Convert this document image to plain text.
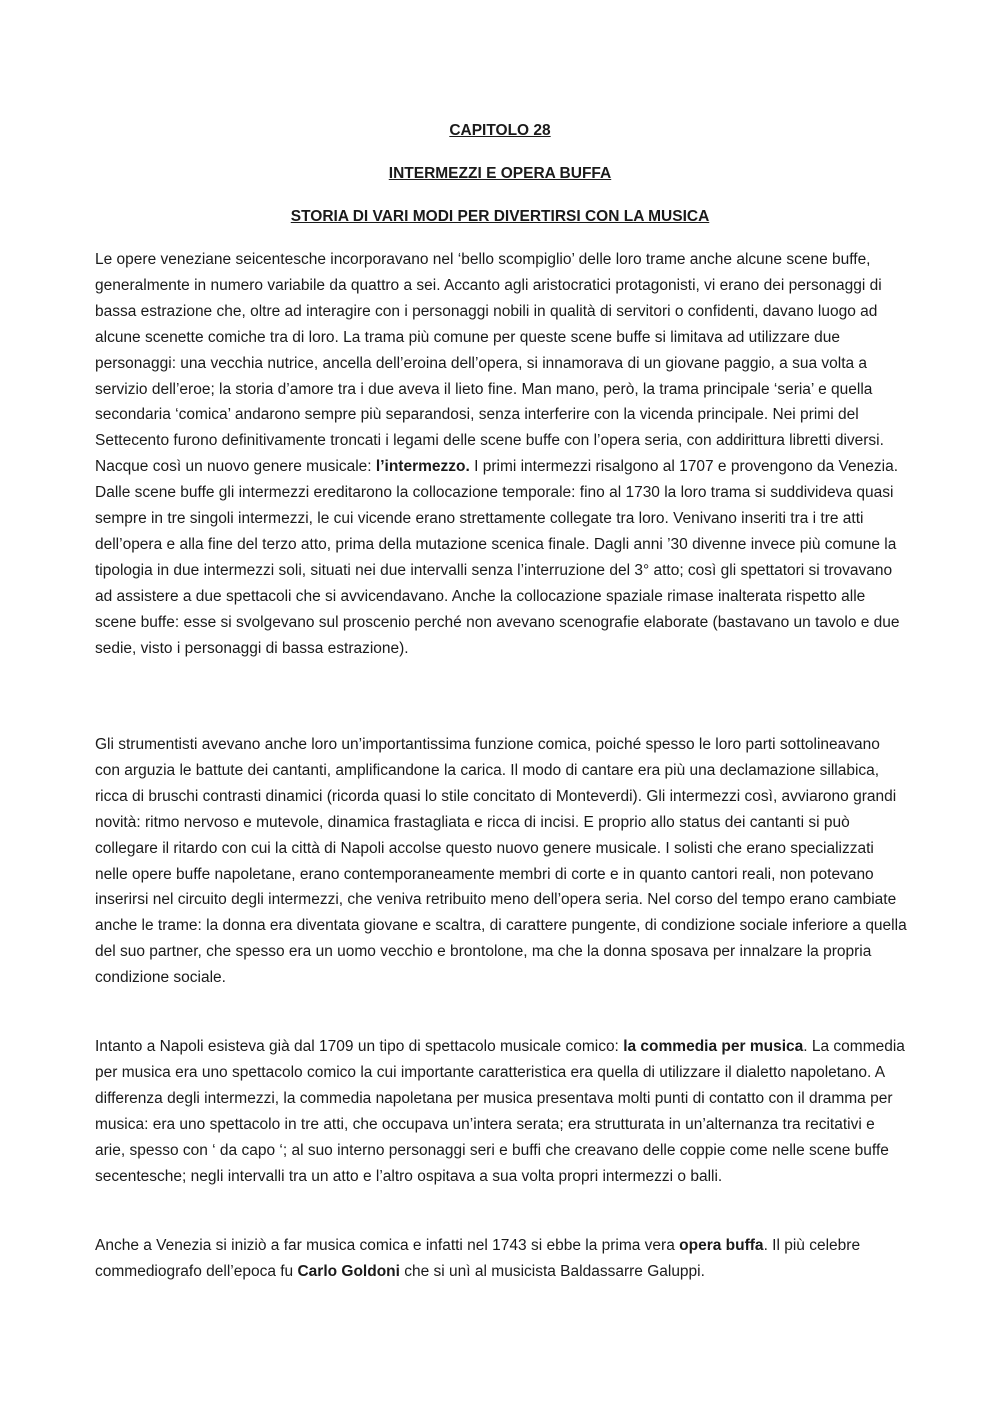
CAPITOLO 28
INTERMEZZI E OPERA BUFFA
STORIA DI VARI MODI PER DIVERTIRSI CON LA MUSICA

Le opere veneziane seicentesche incorporavano nel ‘bello scompiglio’ delle loro trame anche alcune scene buffe, generalmente in numero variabile da quattro a sei. Accanto agli aristocratici protagonisti, vi erano dei personaggi di bassa estrazione che, oltre ad interagire con i personaggi nobili in qualità di servitori o confidenti, davano luogo ad alcune scenette comiche tra di loro. La trama più comune per queste scene buffe si limitava ad utilizzare due personaggi: una vecchia nutrice, ancella dell’eroina dell’opera, si innamorava di un giovane paggio, a sua volta a servizio dell’eroe; la storia d’amore tra i due aveva il lieto fine. Man mano, però, la trama principale ‘seria’ e quella secondaria ‘comica’ andarono sempre più separandosi, senza interferire con la vicenda principale. Nei primi del Settecento furono definitivamente troncati i legami delle scene buffe con l’opera seria, con addirittura libretti diversi. Nacque così un nuovo genere musicale: l’intermezzo. I primi intermezzi risalgono al 1707 e provengono da Venezia. Dalle scene buffe gli intermezzi ereditarono la collocazione temporale: fino al 1730 la loro trama si suddivideva quasi sempre in tre singoli intermezzi, le cui vicende erano strettamente collegate tra loro. Venivano inseriti tra i tre atti dell’opera e alla fine del terzo atto, prima della mutazione scenica finale. Dagli anni ’30 divenne invece più comune la tipologia in due intermezzi soli, situati nei due intervalli senza l’interruzione del 3° atto; così gli spettatori si trovavano ad assistere a due spettacoli che si avvicendavano. Anche la collocazione spaziale rimase inalterata rispetto alle scene buffe: esse si svolgevano sul proscenio perché non avevano scenografie elaborate (bastavano un tavolo e due sedie, visto i personaggi di bassa estrazione).

Gli strumentisti avevano anche loro un’importantissima funzione comica, poiché spesso le loro parti sottolineavano con arguzia le battute dei cantanti, amplificandone la carica. Il modo di cantare era più una declamazione sillabica, ricca di bruschi contrasti dinamici (ricorda quasi lo stile concitato di Monteverdi). Gli intermezzi così, avviarono grandi novità: ritmo nervoso e mutevole, dinamica frastagliata e ricca di incisi. E proprio allo status dei cantanti si può collegare il ritardo con cui la città di Napoli accolse questo nuovo genere musicale. I solisti che erano specializzati nelle opere buffe napoletane, erano contemporaneamente membri di corte e in quanto cantori reali, non potevano inserirsi nel circuito degli intermezzi, che veniva retribuito meno dell’opera seria. Nel corso del tempo erano cambiate anche le trame: la donna era diventata giovane e scaltra, di carattere pungente, di condizione sociale inferiore a quella del suo partner, che spesso era un uomo vecchio e brontolone, ma che la donna sposava per innalzare la propria condizione sociale.

Intanto a Napoli esisteva già dal 1709 un tipo di spettacolo musicale comico: la commedia per musica. La commedia per musica era uno spettacolo comico la cui importante caratteristica era quella di utilizzare il dialetto napoletano. A differenza degli intermezzi, la commedia napoletana per musica presentava molti punti di contatto con il dramma per musica: era uno spettacolo in tre atti, che occupava un’intera serata; era strutturata in un’alternanza tra recitativi e arie, spesso con ‘ da capo ‘; al suo interno personaggi seri e buffi che creavano delle coppie come nelle scene buffe secentesche; negli intervalli tra un atto e l’altro ospitava a sua volta propri intermezzi o balli.

Anche a Venezia si iniziò a far musica comica e infatti nel 1743 si ebbe la prima vera opera buffa. Il più celebre commediografo dell’epoca fu Carlo Goldoni che si unì al musicista Baldassarre Galuppi.
